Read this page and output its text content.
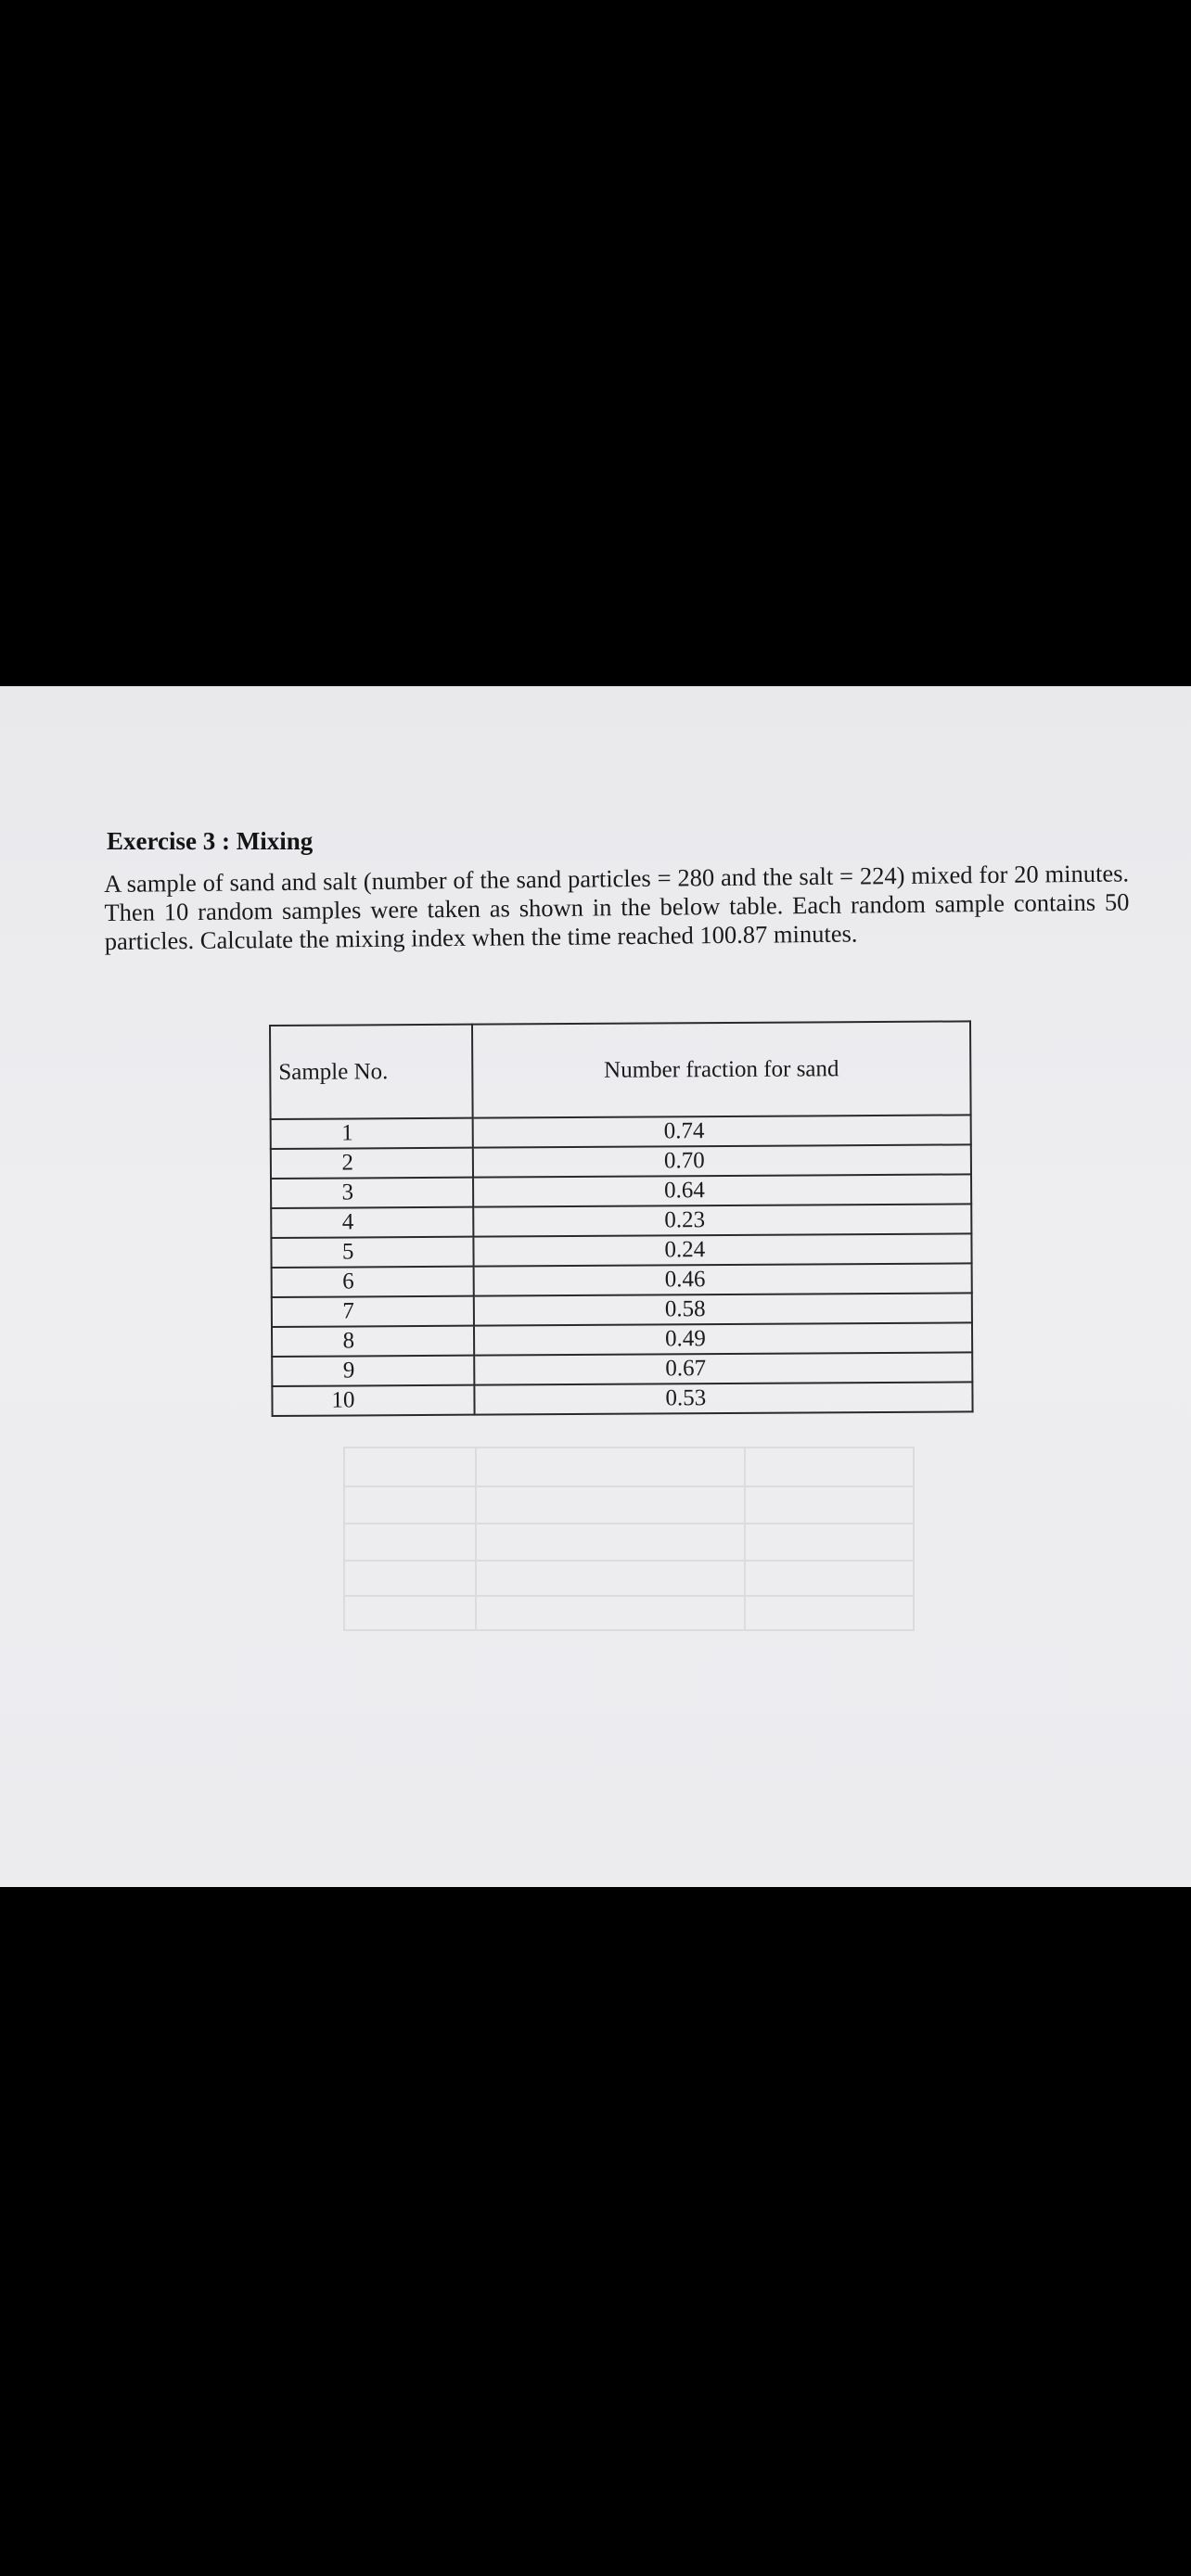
Exercise 3 : Mixing
A sample of sand and salt (number of the sand particles = 280 and the salt = 224) mixed for 20 minutes. Then 10 random samples were taken as shown in the below table. Each random sample contains 50 particles. Calculate the mixing index when the time reached 100.87 minutes.
Sample No.	Number fraction for sand
1	0.74
2	0.70
3	0.64
4	0.23
5	0.24
6	0.46
7	0.58
8	0.49
9	0.67
10	0.53
